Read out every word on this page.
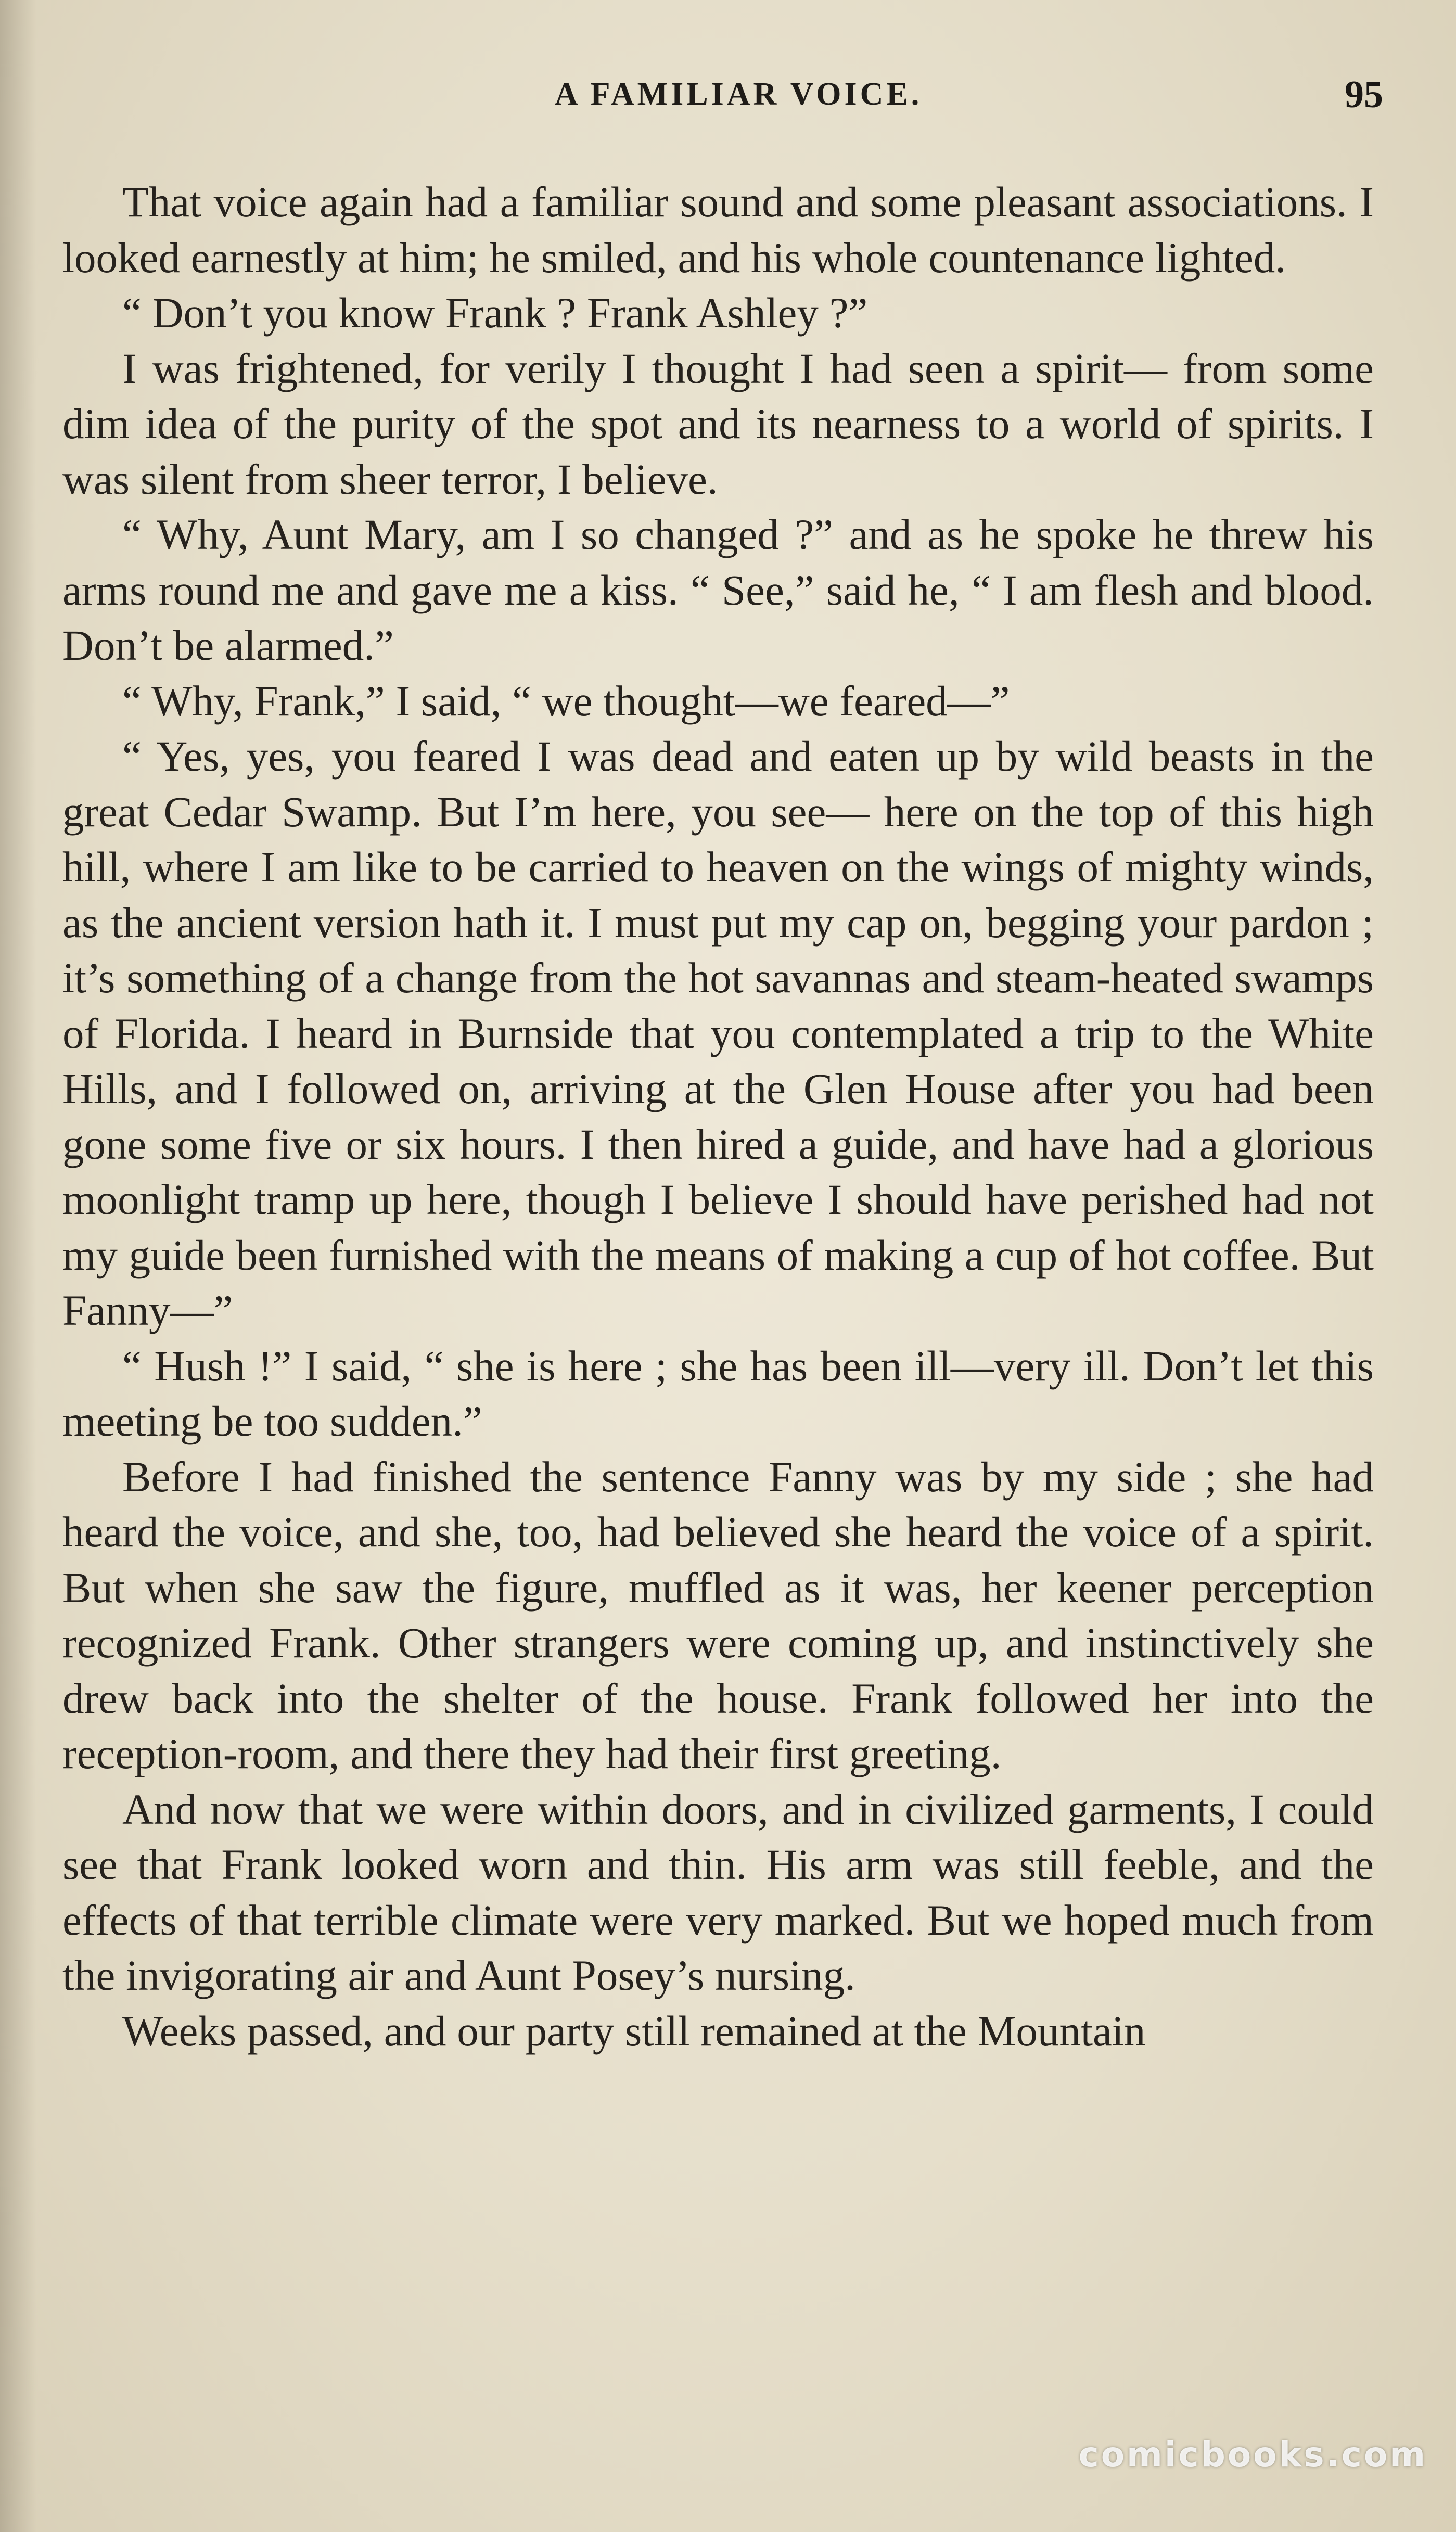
A FAMILIAR VOICE.	95

That voice again had a familiar sound and some pleasant associations. I looked earnestly at him; he smiled, and his whole countenance lighted.

“ Don’t you know Frank ? Frank Ashley ?”

I was frightened, for verily I thought I had seen a spirit— from some dim idea of the purity of the spot and its nearness to a world of spirits. I was silent from sheer terror, I believe.

“ Why, Aunt Mary, am I so changed ?” and as he spoke he threw his arms round me and gave me a kiss. “ See,” said he, “ I am flesh and blood. Don’t be alarmed.”

“ Why, Frank,” I said, “ we thought—we feared—”

“ Yes, yes, you feared I was dead and eaten up by wild beasts in the great Cedar Swamp. But I’m here, you see— here on the top of this high hill, where I am like to be carried to heaven on the wings of mighty winds, as the ancient version hath it. I must put my cap on, begging your pardon ; it’s something of a change from the hot savannas and steam-heated swamps of Florida. I heard in Burnside that you contemplated a trip to the White Hills, and I followed on, arriving at the Glen House after you had been gone some five or six hours. I then hired a guide, and have had a glorious moonlight tramp up here, though I believe I should have perished had not my guide been furnished with the means of making a cup of hot coffee. But Fanny—”

“ Hush !” I said, “ she is here ; she has been ill—very ill. Don’t let this meeting be too sudden.”

Before I had finished the sentence Fanny was by my side ; she had heard the voice, and she, too, had believed she heard the voice of a spirit. But when she saw the figure, muffled as it was, her keener perception recognized Frank. Other strangers were coming up, and instinctively she drew back into the shelter of the house. Frank followed her into the reception-room, and there they had their first greeting.

And now that we were within doors, and in civilized garments, I could see that Frank looked worn and thin. His arm was still feeble, and the effects of that terrible climate were very marked. But we hoped much from the invigorating air and Aunt Posey’s nursing.

Weeks passed, and our party still remained at the Mountain

comicbooks.com
